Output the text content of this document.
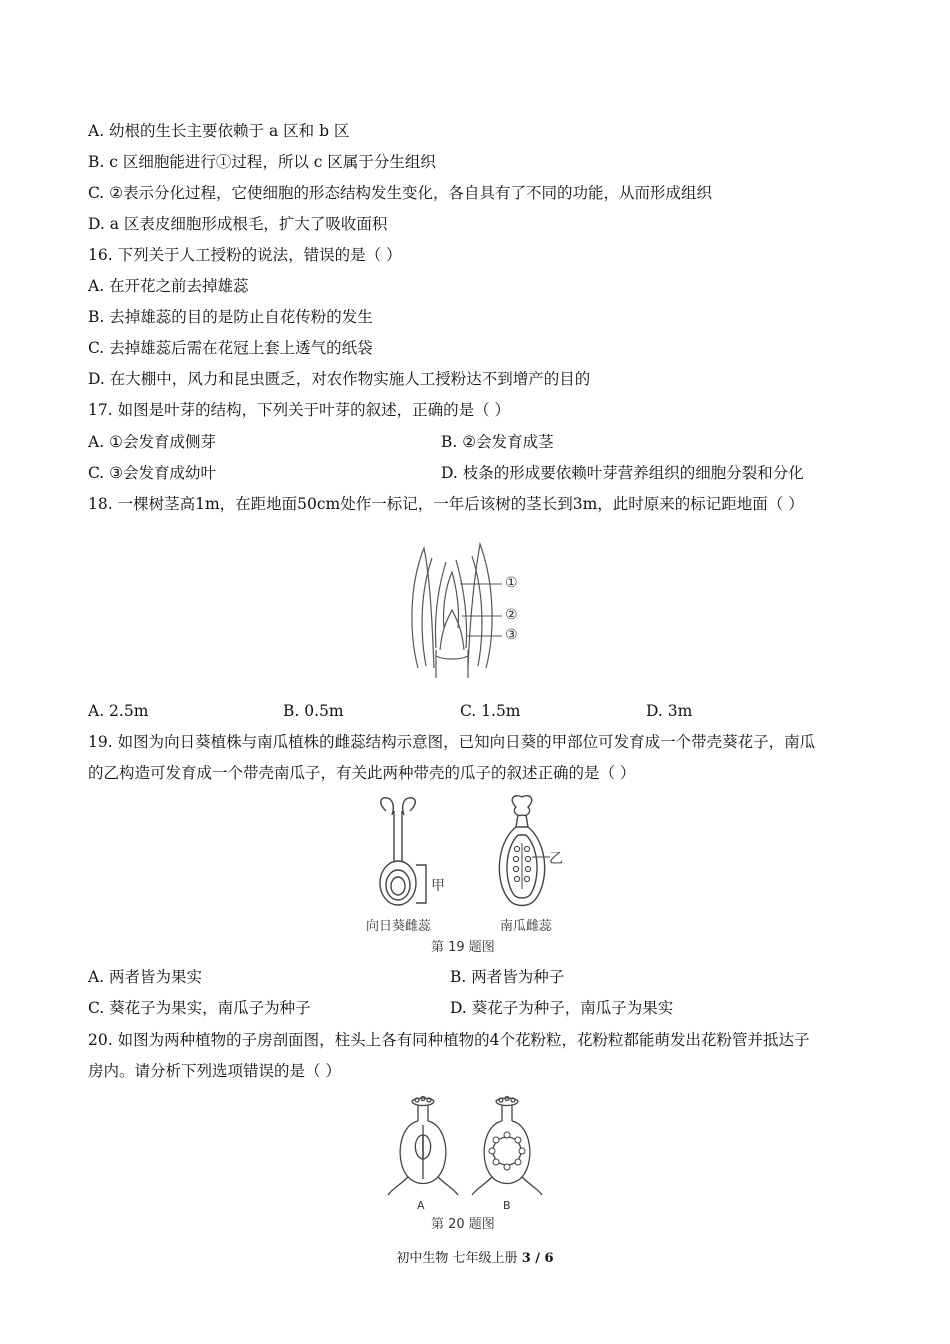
A. 幼根的生长主要依赖于 a 区和 b 区
B. c 区细胞能进行①过程，所以 c 区属于分生组织
C. ②表示分化过程，它使细胞的形态结构发生变化，各自具有了不同的功能，从而形成组织
D. a 区表皮细胞形成根毛，扩大了吸收面积
16. 下列关于人工授粉的说法，错误的是（ ）
A. 在开花之前去掉雄蕊
B. 去掉雄蕊的目的是防止自花传粉的发生
C. 去掉雄蕊后需在花冠上套上透气的纸袋
D. 在大棚中，风力和昆虫匮乏，对农作物实施人工授粉达不到增产的目的
17. 如图是叶芽的结构，下列关于叶芽的叙述，正确的是（ ）
A. ①会发育成侧芽	B. ②会发育成茎
C. ③会发育成幼叶	D. 枝条的形成要依赖叶芽营养组织的细胞分裂和分化
18. 一棵树茎高1m，在距地面50cm处作一标记，一年后该树的茎长到3m，此时原来的标记距地面（ ）
①
②
③
A. 2.5m	B. 0.5m	C. 1.5m	D. 3m
19. 如图为向日葵植株与南瓜植株的雌蕊结构示意图，已知向日葵的甲部位可发育成一个带壳葵花子，南瓜
的乙构造可发育成一个带壳南瓜子，有关此两种带壳的瓜子的叙述正确的是（ ）
甲
乙
向日葵雌蕊	南瓜雌蕊
第 19 题图
A. 两者皆为果实	B. 两者皆为种子
C. 葵花子为果实，南瓜子为种子	D. 葵花子为种子，南瓜子为果实
20. 如图为两种植物的子房剖面图，柱头上各有同种植物的4个花粉粒，花粉粒都能萌发出花粉管并抵达子
房内。请分析下列选项错误的是（ ）
A	B
第 20 题图
初中生物 七年级上册 3 / 6
